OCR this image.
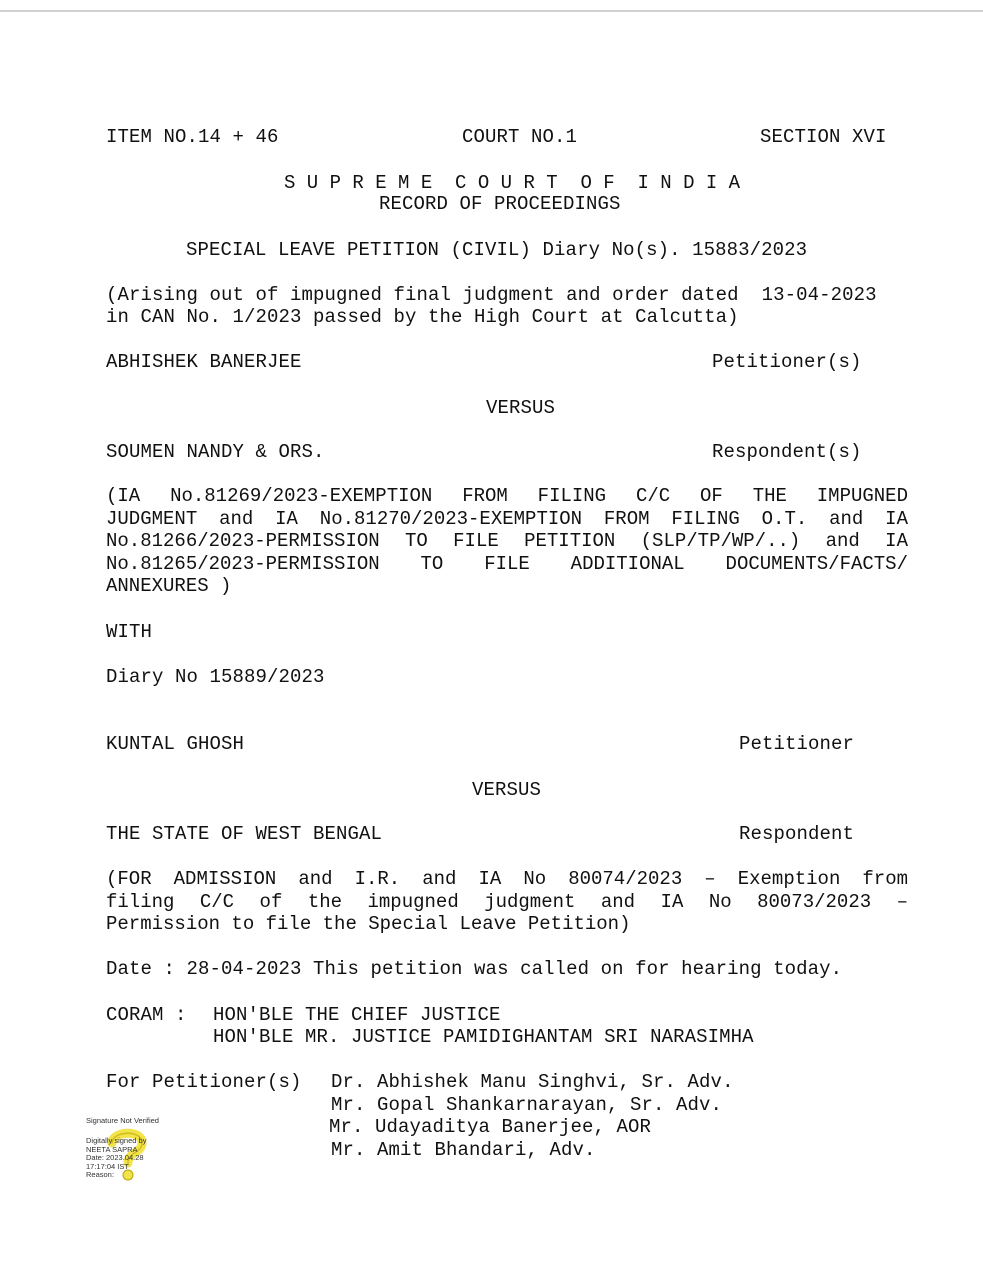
ITEM NO.14 + 46	COURT NO.1	SECTION XVI
S U P R E M E  C O U R T  O F  I N D I A
RECORD OF PROCEEDINGS
SPECIAL LEAVE PETITION (CIVIL) Diary No(s). 15883/2023
(Arising out of impugned final judgment and order dated  13-04-2023
in CAN No. 1/2023 passed by the High Court at Calcutta)
ABHISHEK BANERJEE	Petitioner(s)
VERSUS
SOUMEN NANDY & ORS.	Respondent(s)
(IA No.81269/2023-EXEMPTION FROM FILING C/C OF THE IMPUGNED
JUDGMENT and IA No.81270/2023-EXEMPTION FROM FILING O.T. and IA
No.81266/2023-PERMISSION TO FILE PETITION (SLP/TP/WP/..) and IA
No.81265/2023-PERMISSION TO FILE ADDITIONAL DOCUMENTS/FACTS/
ANNEXURES )
WITH
Diary No 15889/2023
KUNTAL GHOSH	Petitioner
VERSUS
THE STATE OF WEST BENGAL	Respondent
(FOR ADMISSION and I.R. and IA No 80074/2023 – Exemption from
filing C/C of the impugned judgment and IA No 80073/2023 –
Permission to file the Special Leave Petition)
Date : 28-04-2023 This petition was called on for hearing today.
CORAM : HON'BLE THE CHIEF JUSTICE
HON'BLE MR. JUSTICE PAMIDIGHANTAM SRI NARASIMHA
For Petitioner(s) Dr. Abhishek Manu Singhvi, Sr. Adv.
Mr. Gopal Shankarnarayan, Sr. Adv.
Mr. Udayaditya Banerjee, AOR
Mr. Amit Bhandari, Adv.
Signature Not Verified
Digitally signed by
NEETA SAPRA
Date: 2023.04.28
17:17:04 IST
Reason:
